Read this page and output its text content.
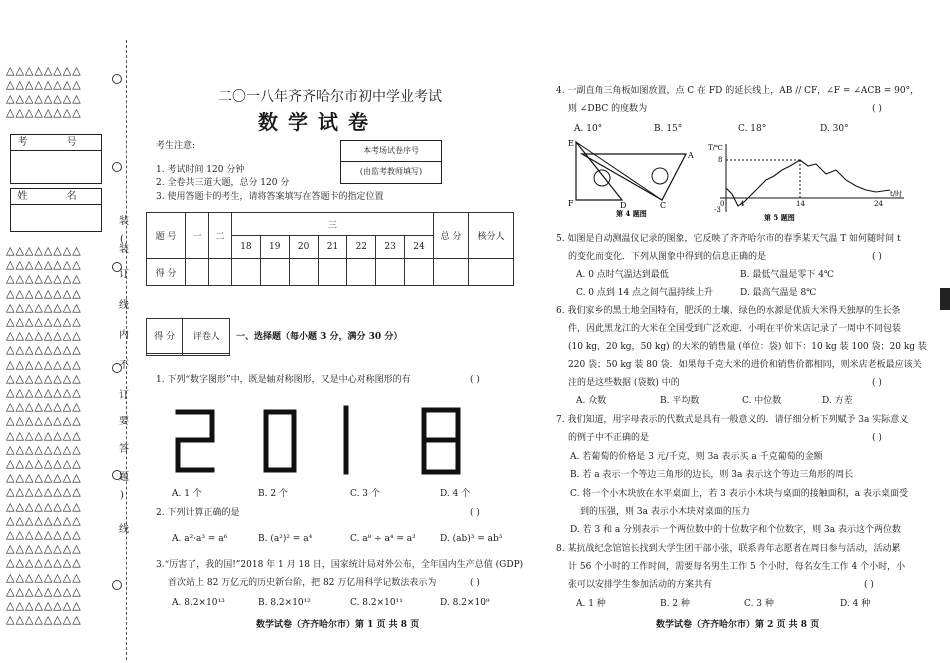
△△△△△△△△
△△△△△△△△
△△△△△△△△
△△△△△△△△
考 号
姓 名
△△△△△△△△
△△△△△△△△
△△△△△△△△
△△△△△△△△
△△△△△△△△
△△△△△△△△
△△△△△△△△
△△△△△△△△
△△△△△△△△
△△△△△△△△
△△△△△△△△
△△△△△△△△
△△△△△△△△
△△△△△△△△
△△△△△△△△
△△△△△△△△
△△△△△△△△
△△△△△△△△
△△△△△△△△
△△△△△△△△
△△△△△△△△
△△△△△△△△
△△△△△△△△
△△△△△△△△
△△△△△△△△
△△△△△△△△
△△△△△△△△
装
(
装
订
线
内
不
订
要
答
题
)
线
二〇一八年齐齐哈尔市初中学业考试
数学试卷
考生注意:
1. 考试时间 120 分钟
2. 全卷共三道大题，总分 120 分
3. 使用答题卡的考生，请将答案填写在答题卡的指定位置
本考场试卷序号
(由监考教师填写)
题 号	一	二	三							总 分	核分人
			18	19	20	21	22	23	24		
得 分											
得 分	评卷人
	一、选择题（每小题 3 分，满分 30 分）
1. 下列“数字图形”中，既是轴对称图形，又是中心对称图形的有	( )
A. 1 个	B. 2 个	C. 3 个	D. 4 个
2. 下列计算正确的是	( )
A. a²·a³ = a⁶	B. (a²)² = a⁴	C. a⁸ ÷ a⁴ = a²	D. (ab)³ = ab³
3.“厉害了，我的国!”2018 年 1 月 18 日，国家统计局对外公布，全年国内生产总值 (GDP)
首次站上 82 万亿元的历史新台阶，把 82 万亿用科学记数法表示为	( )
A. 8.2×10¹³	B. 8.2×10¹²	C. 8.2×10¹¹	D. 8.2×10⁹
数学试卷（齐齐哈尔市）第 1 页 共 8 页
4. 一副直角三角板如图放置，点 C 在 FD 的延长线上，AB // CF，∠F = ∠ACB = 90°，
则 ∠DBC 的度数为	( )
A. 10°	B. 15°	C. 18°	D. 30°
E
A
F	D	C
第 4 题图
T/℃
t/时
8
0 4	14	24
-3
第 5 题图
5. 如图是自动测温仪记录的图象，它反映了齐齐哈尔市的春季某天气温 T 如何随时间 t
的变化而变化．下列从图象中得到的信息正确的是	( )
A. 0 点时气温达到最低	B. 最低气温是零下 4℃
C. 0 点到 14 点之间气温持续上升	D. 最高气温是 8℃
6. 我们家乡的黑土地全国特有，肥沃的土壤、绿色的水源是优质大米得天独厚的生长条
件，因此黑龙江的大米在全国受到广泛欢迎．小明在平价米店记录了一周中不同包装
(10 kg，20 kg，50 kg) 的大米的销售量 (单位：袋) 如下：10 kg 装 100 袋；20 kg 装
220 袋；50 kg 装 80 袋．如果每千克大米的进价和销售价都相同，则米店老板最应该关
注的是这些数据 (袋数) 中的	( )
A. 众数	B. 平均数	C. 中位数	D. 方差
7. 我们知道，用字母表示的代数式是具有一般意义的．请仔细分析下列赋予 3a 实际意义
的例子中不正确的是	( )
A. 若葡萄的价格是 3 元/千克，则 3a 表示买 a 千克葡萄的金额
B. 若 a 表示一个等边三角形的边长，则 3a 表示这个等边三角形的周长
C. 将一个小木块放在水平桌面上，若 3 表示小木块与桌面的接触面积，a 表示桌面受
到的压强，则 3a 表示小木块对桌面的压力
D. 若 3 和 a 分别表示一个两位数中的十位数字和个位数字，则 3a 表示这个两位数
8. 某抗战纪念馆馆长找到大学生团干部小张，联系青年志愿者在周日参与活动，活动累
计 56 个小时的工作时间，需要每名男生工作 5 个小时，每名女生工作 4 个小时，小
张可以安排学生参加活动的方案共有	( )
A. 1 种	B. 2 种	C. 3 种	D. 4 种
数学试卷（齐齐哈尔市）第 2 页 共 8 页
